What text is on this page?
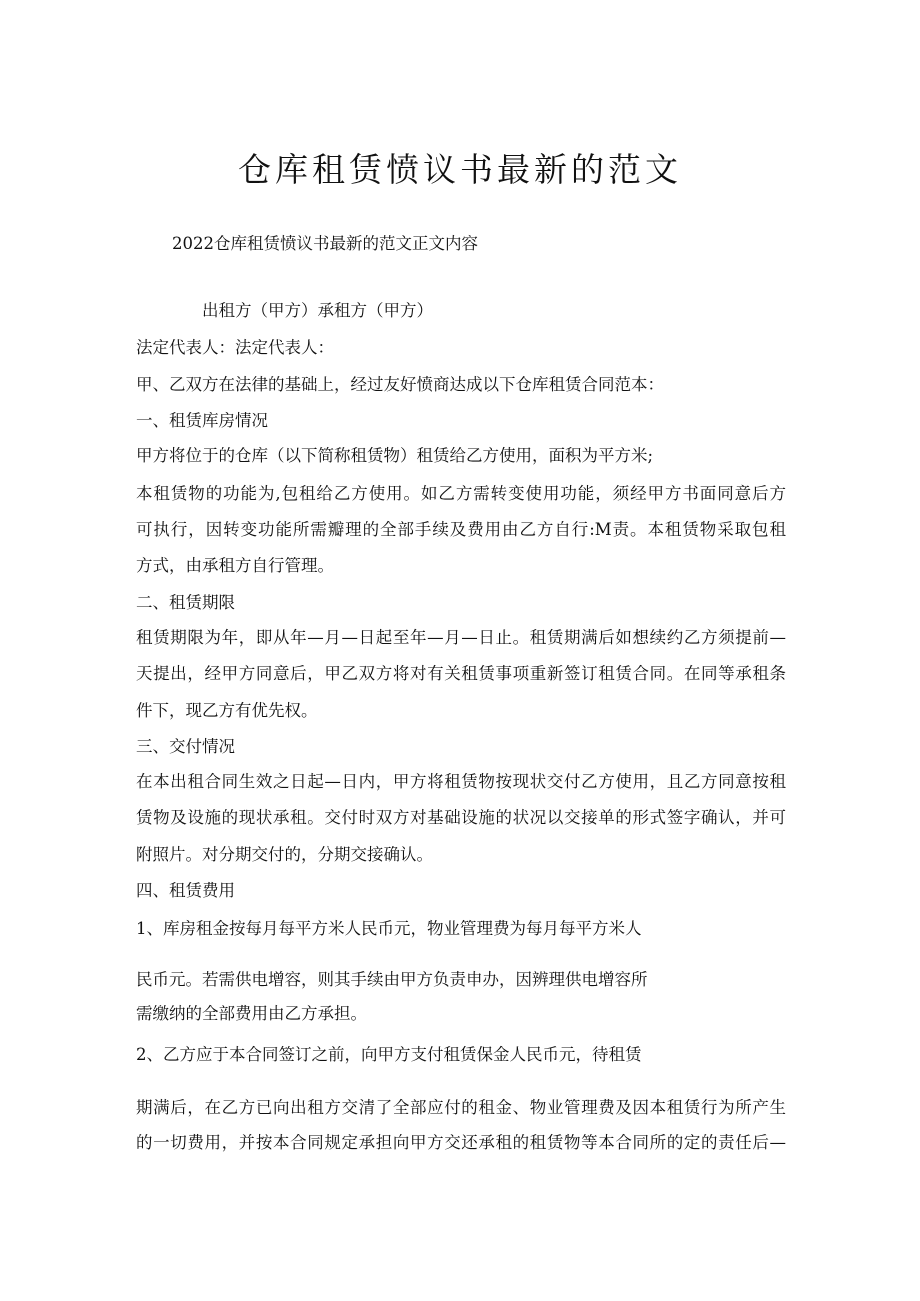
仓库租赁愤议书最新的范文

2022仓库租赁愤议书最新的范文正文内容

出租方（甲方）承租方（甲方）

法定代表人：法定代表人：

甲、乙双方在法律的基础上，经过友好愤商达成以下仓库租赁合同范本：

一、租赁库房情况

甲方将位于的仓库（以下简称租赁物）租赁给乙方使用，面积为平方米;

本租赁物的功能为,包租给乙方使用。如乙方需转变使用功能，须经甲方书面同意后方

可执行，因转变功能所需瓣理的全部手续及费用由乙方自行:M责。本租赁物采取包租

方式，由承租方自行管理。

二、租赁期限

租赁期限为年，即从年—月—日起至年—月—日止。租赁期满后如想续约乙方须提前—

天提出，经甲方同意后，甲乙双方将对有关租赁事项重新签订租赁合同。在同等承租条

件下，现乙方有优先权。

三、交付情况

在本出租合同生效之日起—日内，甲方将租赁物按现状交付乙方使用，且乙方同意按租

赁物及设施的现状承租。交付时双方对基础设施的状况以交接单的形式签字确认，并可

附照片。对分期交付的，分期交接确认。

四、租赁费用

1、库房租金按每月每平方米人民币元，物业管理费为每月每平方米人

民币元。若需供电增容，则其手续由甲方负责申办，因辨理供电增容所

需缴纳的全部费用由乙方承担。

2、乙方应于本合同签订之前，向甲方支付租赁保金人民币元，待租赁

期满后，在乙方已向出租方交清了全部应付的租金、物业管理费及因本租赁行为所产生

的一切费用，并按本合同规定承担向甲方交还承租的租赁物等本合同所的定的责任后—
